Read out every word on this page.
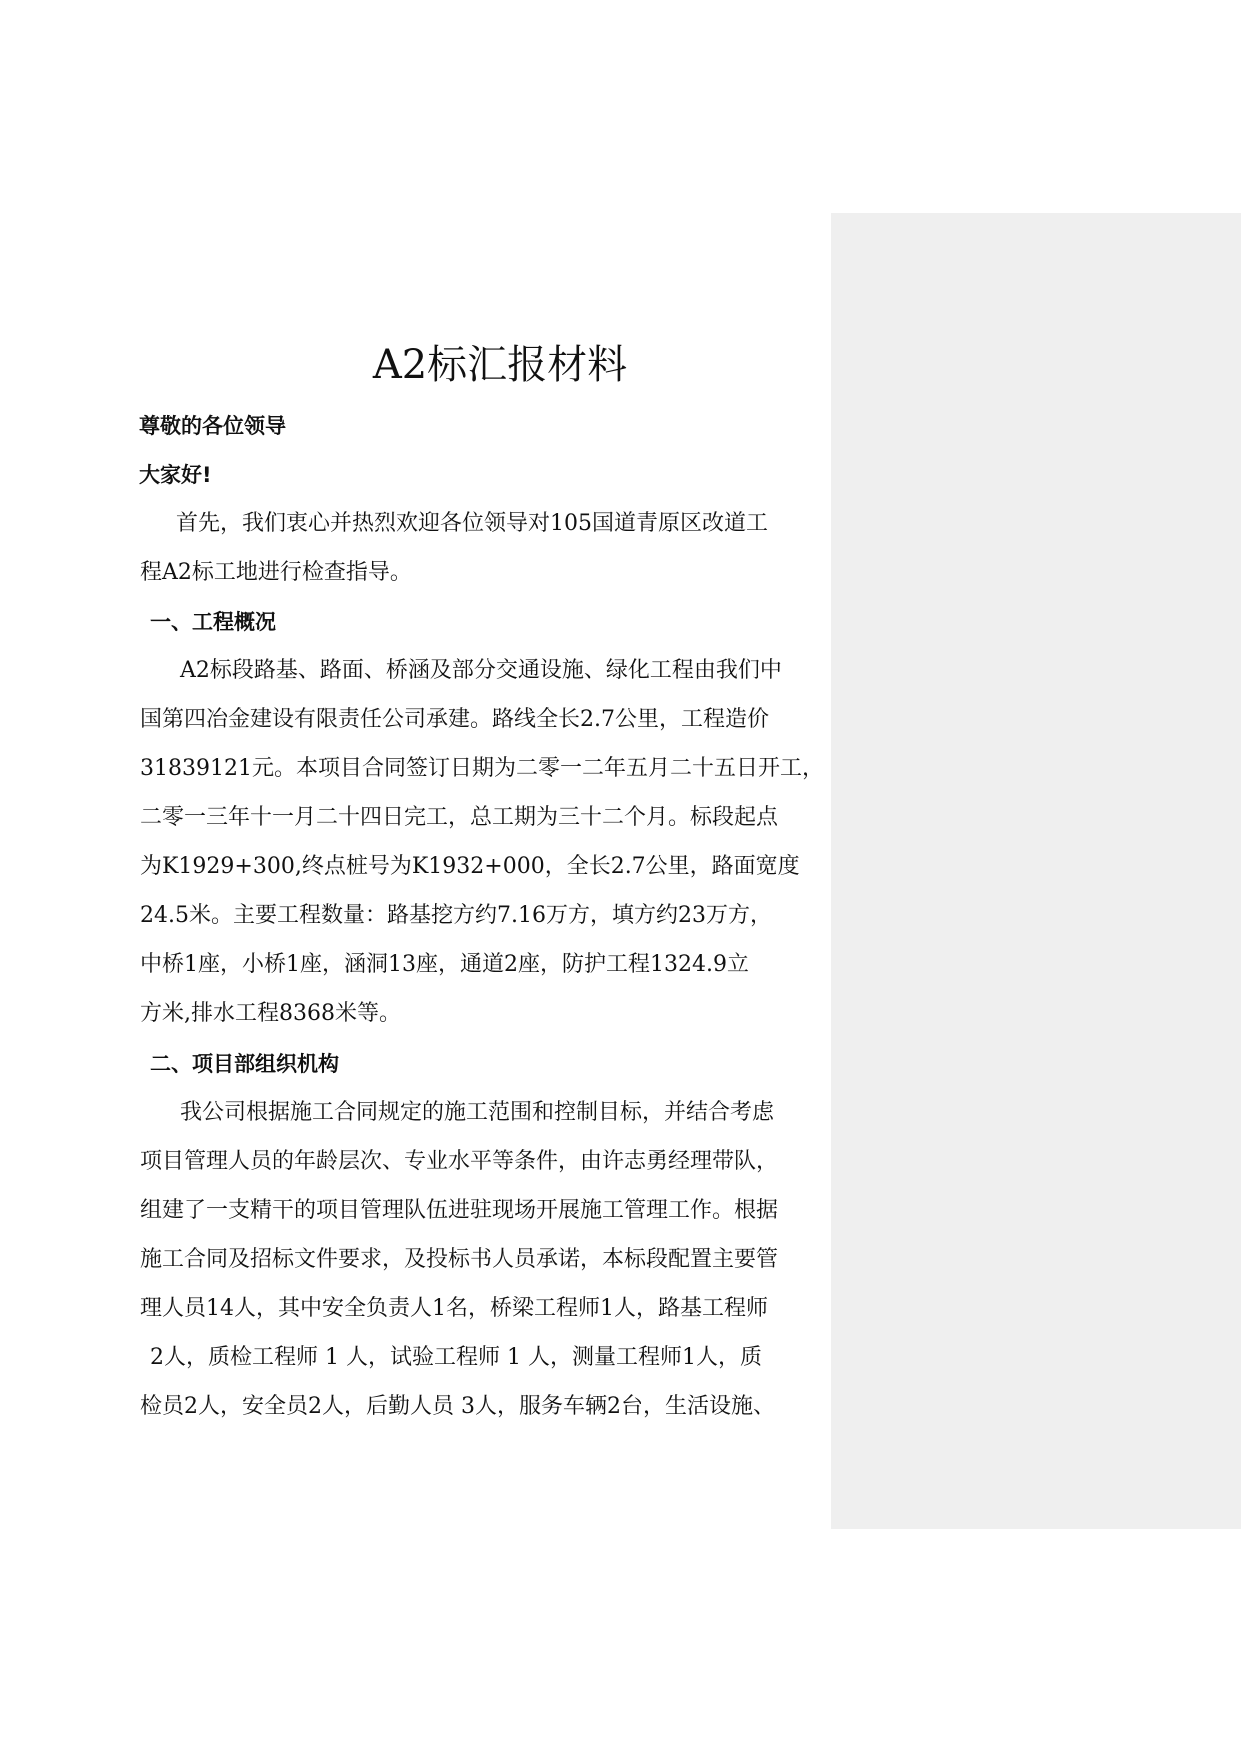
A2标汇报材料
尊敬的各位领导
大家好!
首先，我们衷心并热烈欢迎各位领导对105国道青原区改道工
程A2标工地进行检查指导。
一、工程概况
A2标段路基、路面、桥涵及部分交通设施、绿化工程由我们中
国第四冶金建设有限责任公司承建。路线全长2.7公里，工程造价
31839121元。本项目合同签订日期为二零一二年五月二十五日开工，
二零一三年十一月二十四日完工，总工期为三十二个月。标段起点
为K1929+300,终点桩号为K1932+000，全长2.7公里，路面宽度
24.5米。主要工程数量：路基挖方约7.16万方，填方约23万方，
中桥1座，小桥1座，涵洞13座，通道2座，防护工程1324.9立
方米,排水工程8368米等。
二、项目部组织机构
我公司根据施工合同规定的施工范围和控制目标，并结合考虑
项目管理人员的年龄层次、专业水平等条件，由许志勇经理带队，
组建了一支精干的项目管理队伍进驻现场开展施工管理工作。根据
施工合同及招标文件要求，及投标书人员承诺，本标段配置主要管
理人员14人，其中安全负责人1名，桥梁工程师1人，路基工程师
2人，质检工程师 1 人，试验工程师 1 人，测量工程师1人，质
检员2人，安全员2人，后勤人员 3人，服务车辆2台，生活设施、
